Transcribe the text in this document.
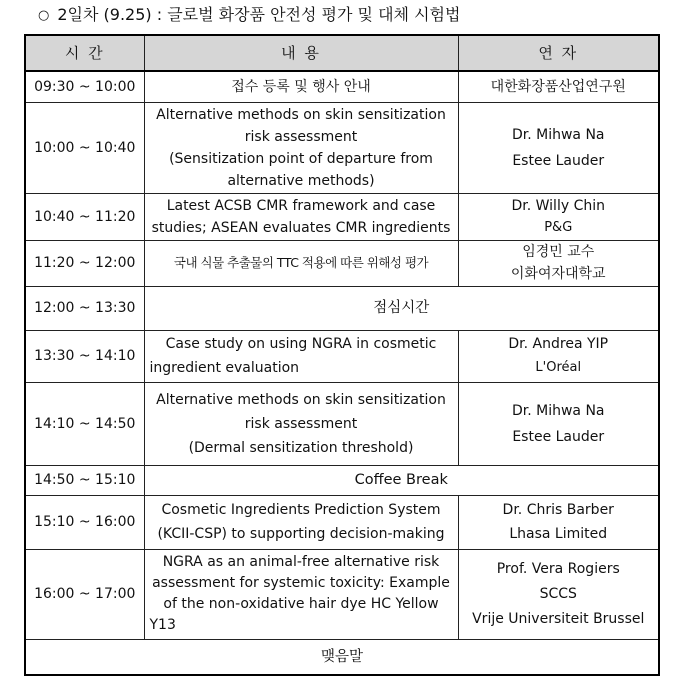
○ 2일차 (9.25) : 글로벌 화장품 안전성 평가 및 대체 시험법
시 간	내 용	연 자
09:30 ~ 10:00	접수 등록 및 행사 안내	대한화장품산업연구원

10:00 ~ 10:40	Alternative methods on skin sensitization
risk assessment
(Sensitization point of departure from
alternative methods)	Dr. Mihwa Na
Estee Lauder

10:40 ~ 11:20	Latest ACSB CMR framework and case
studies; ASEAN evaluates CMR ingredients	Dr. Willy Chin
P&G

11:20 ~ 12:00	국내 식물 추출물의 TTC 적용에 따른 위해성 평가	임경민 교수
이화여자대학교

12:00 ~ 13:30	점심시간	
13:30 ~ 14:10	Case study on using NGRA in cosmetic ingredient evaluation	Dr. Andrea YIP
L'Oréal

14:10 ~ 14:50	Alternative methods on skin sensitization
risk assessment
(Dermal sensitization threshold)	Dr. Mihwa Na
Estee Lauder

14:50 ~ 15:10	Coffee Break	
15:10 ~ 16:00	Cosmetic Ingredients Prediction System
(KCII-CSP) to supporting decision-making	Dr. Chris Barber
Lhasa Limited

16:00 ~ 17:00	NGRA as an animal-free alternative risk assessment for systemic toxicity: Example of the non-oxidative hair dye HC Yellow Y13	Prof. Vera Rogiers
SCCS
Vrije Universiteit Brussel

맺음말		
